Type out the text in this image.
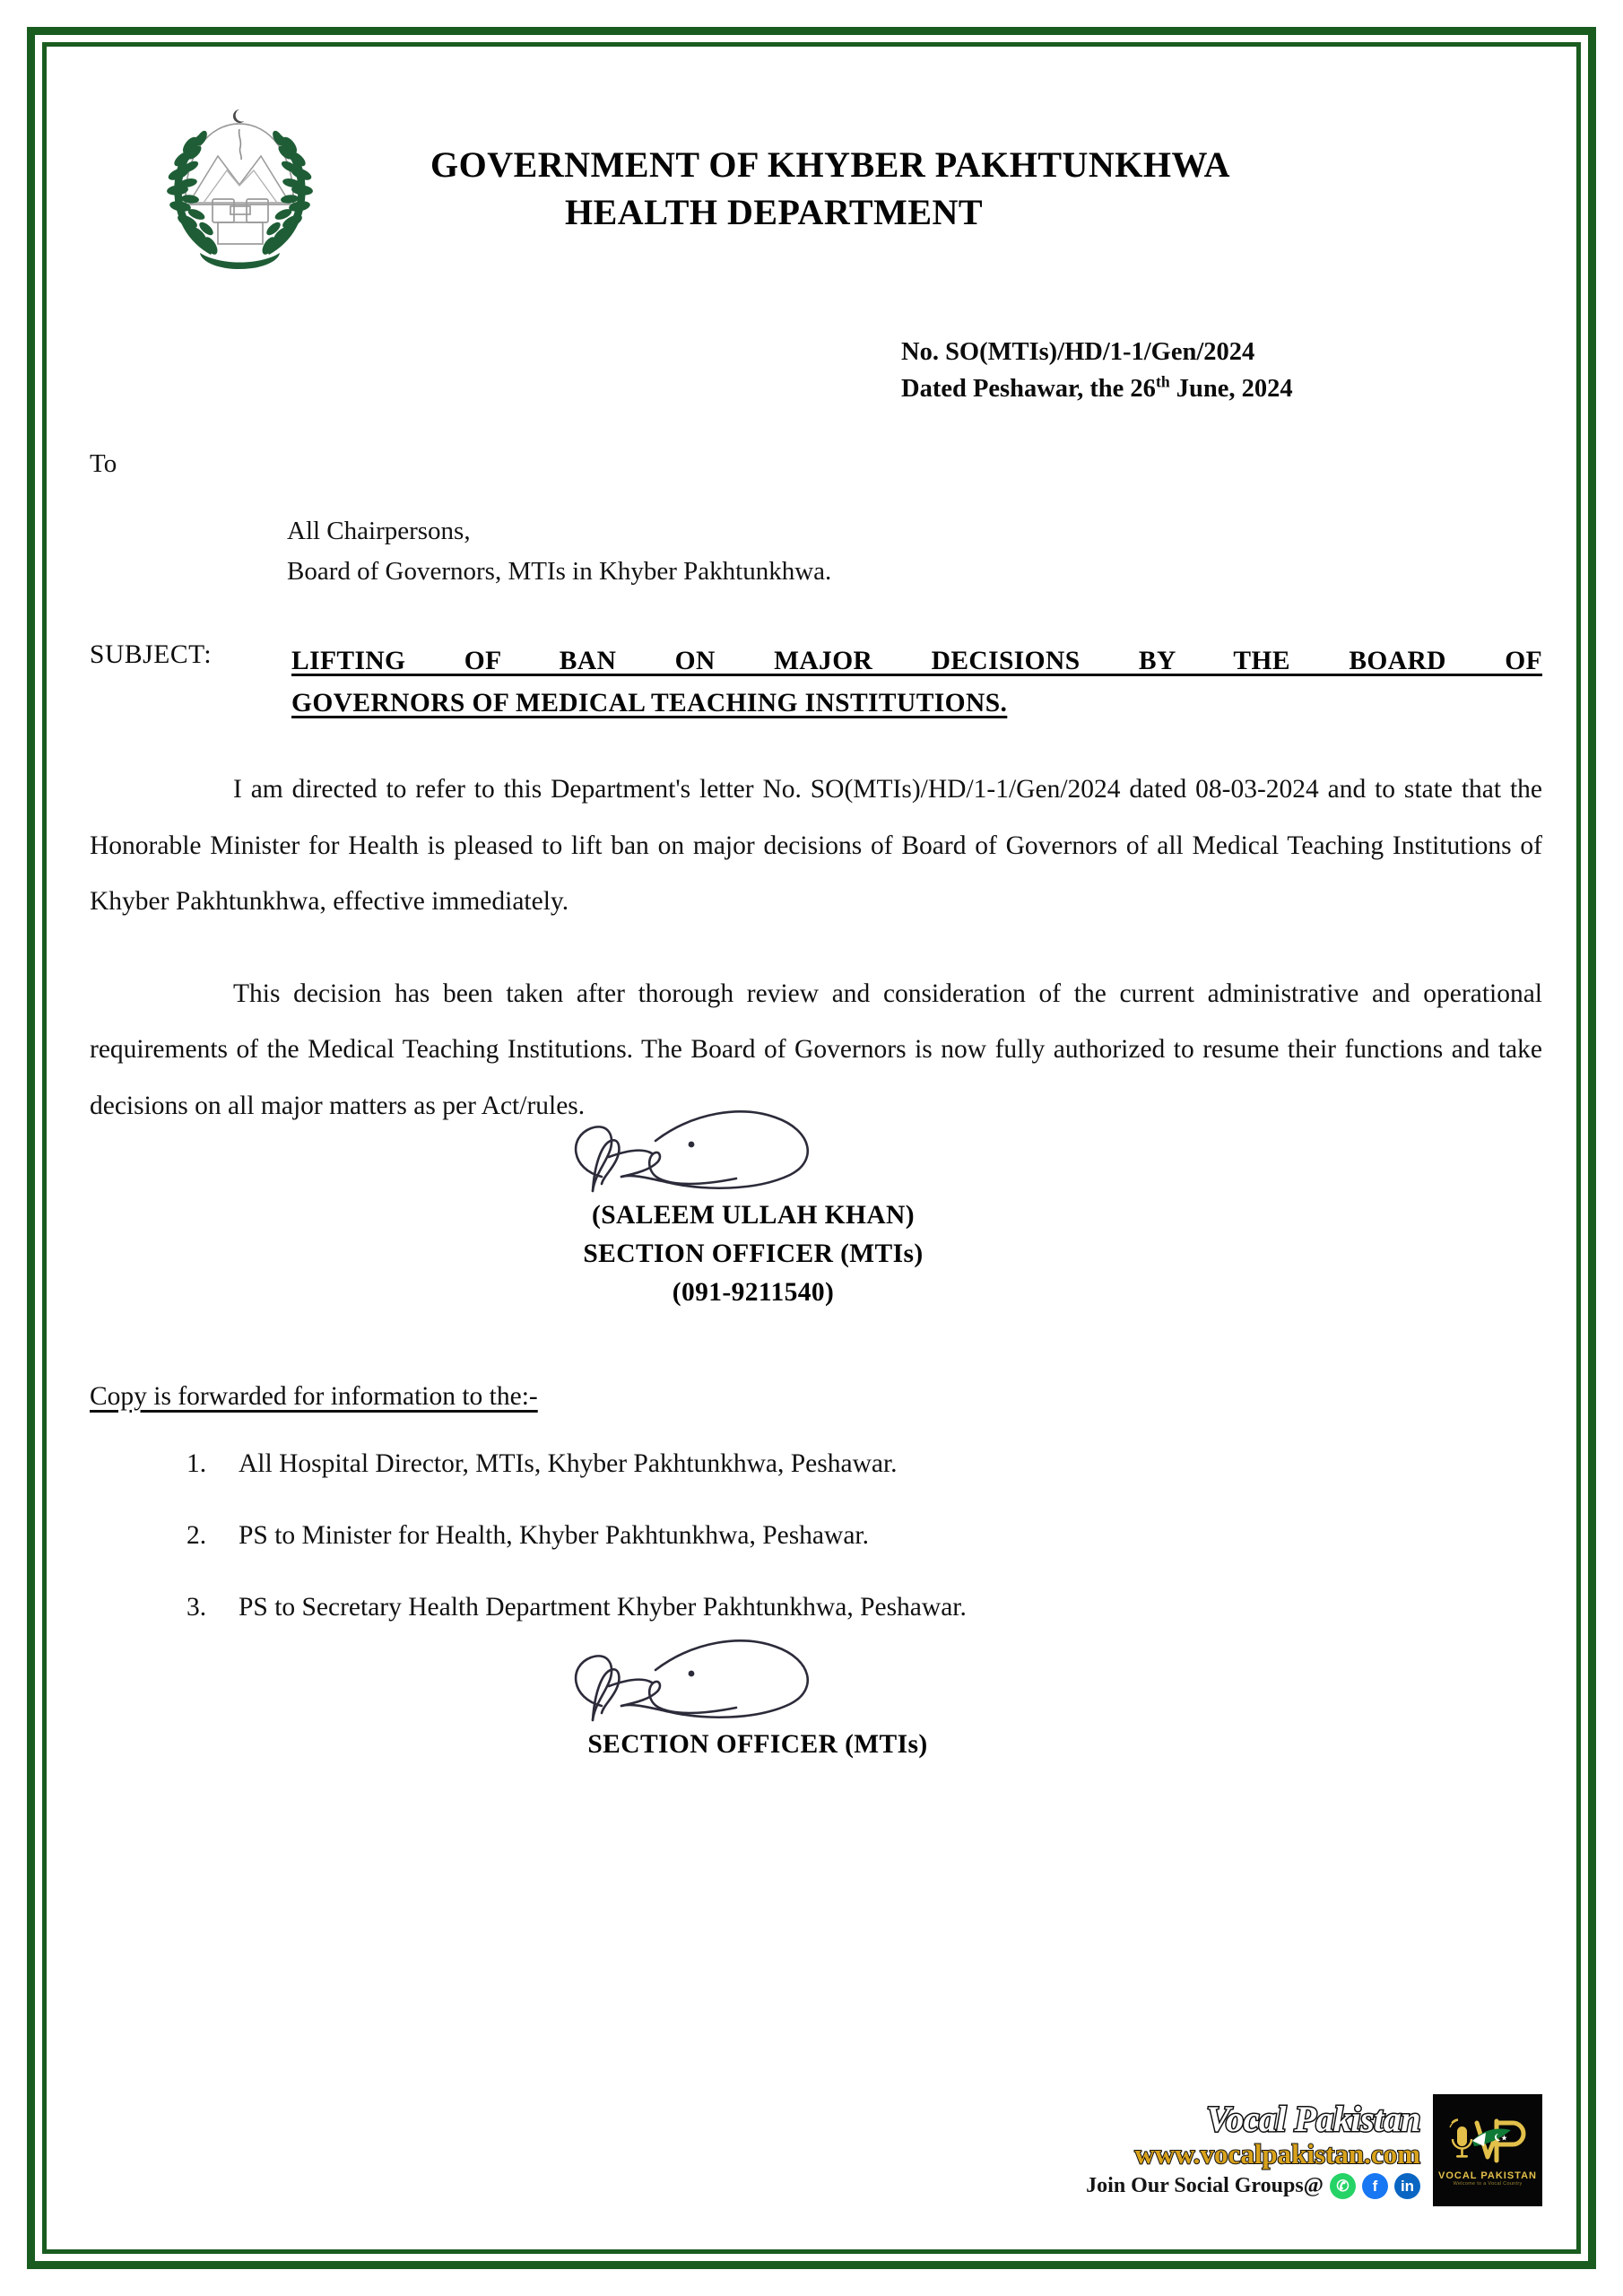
GOVERNMENT OF KHYBER PAKHTUNKHWA
HEALTH DEPARTMENT
No. SO(MTIs)/HD/1-1/Gen/2024
Dated Peshawar, the 26th June, 2024
To
All Chairpersons,
Board of Governors, MTIs in Khyber Pakhtunkhwa.
SUBJECT:	LIFTING OF BAN ON MAJOR DECISIONS BY THE BOARD OF
GOVERNORS OF MEDICAL TEACHING INSTITUTIONS.
I am directed to refer to this Department's letter No. SO(MTIs)/HD/1-1/Gen/2024 dated 08-03-2024 and to state that the Honorable Minister for Health is pleased to lift ban on major decisions of Board of Governors of all Medical Teaching Institutions of Khyber Pakhtunkhwa, effective immediately.
This decision has been taken after thorough review and consideration of the current administrative and operational requirements of the Medical Teaching Institutions. The Board of Governors is now fully authorized to resume their functions and take decisions on all major matters as per Act/rules.
(SALEEM ULLAH KHAN)
SECTION OFFICER (MTIs)
(091-9211540)
Copy is forwarded for information to the:-
1.	All Hospital Director, MTIs, Khyber Pakhtunkhwa, Peshawar.
2.	PS to Minister for Health, Khyber Pakhtunkhwa, Peshawar.
3.	PS to Secretary Health Department Khyber Pakhtunkhwa, Peshawar.
SECTION OFFICER (MTIs)
Vocal Pakistan
www.vocalpakistan.com
Join Our Social Groups@ ✆	f	in
VOCAL PAKISTAN
Welcome to a Vocal Country
